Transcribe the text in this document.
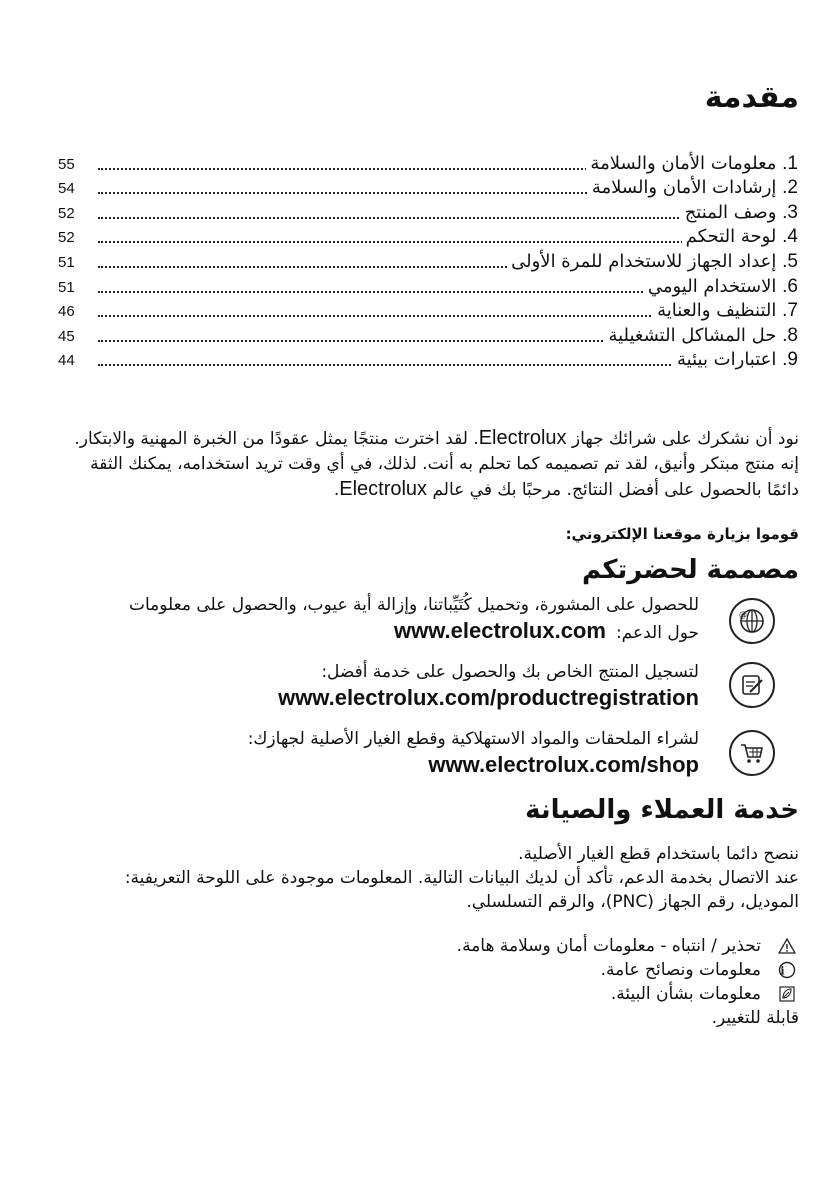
مقدمة
55	1. معلومات الأمان والسلامة
54	2. إرشادات الأمان والسلامة
52	3. وصف المنتج
52	4. لوحة التحكم
51	5. إعداد الجهاز للاستخدام للمرة الأولى
51	6. الاستخدام اليومي
46	7. التنظيف والعناية
45	8. حل المشاكل التشغيلية
44	9. اعتبارات بيئية

نود أن نشكرك على شرائك جهاز Electrolux. لقد اخترت منتجًا يمثل عقودًا من الخبرة المهنية والابتكار. إنه منتج مبتكر وأنيق، لقد تم تصميمه كما تحلم به أنت. لذلك، في أي وقت تريد استخدامه، يمكنك الثقة دائمًا بالحصول على أفضل النتائج. مرحبًا بك في عالم Electrolux.

قوموا بزيارة موقعنا الإلكتروني:

مصممة لحضرتكم
@
للحصول على المشورة، وتحميل كُتَيِّباتنا، وإزالة أية عيوب، والحصول على معلومات
حول الدعم:
www.electrolux.com
لتسجيل المنتج الخاص بك والحصول على خدمة أفضل:
www.electrolux.com/productregistration
لشراء الملحقات والمواد الاستهلاكية وقطع الغيار الأصلية لجهازك:
www.electrolux.com/shop
خدمة العملاء والصيانة
ننصح دائما باستخدام قطع الغيار الأصلية.
عند الاتصال بخدمة الدعم، تأكد أن لديك البيانات التالية. المعلومات موجودة على اللوحة التعريفية:
الموديل، رقم الجهاز (PNC)، والرقم التسلسلي.
تحذير / انتباه - معلومات أمان وسلامة هامة.
i
معلومات ونصائح عامة.
معلومات بشأن البيئة.
قابلة للتغيير.
